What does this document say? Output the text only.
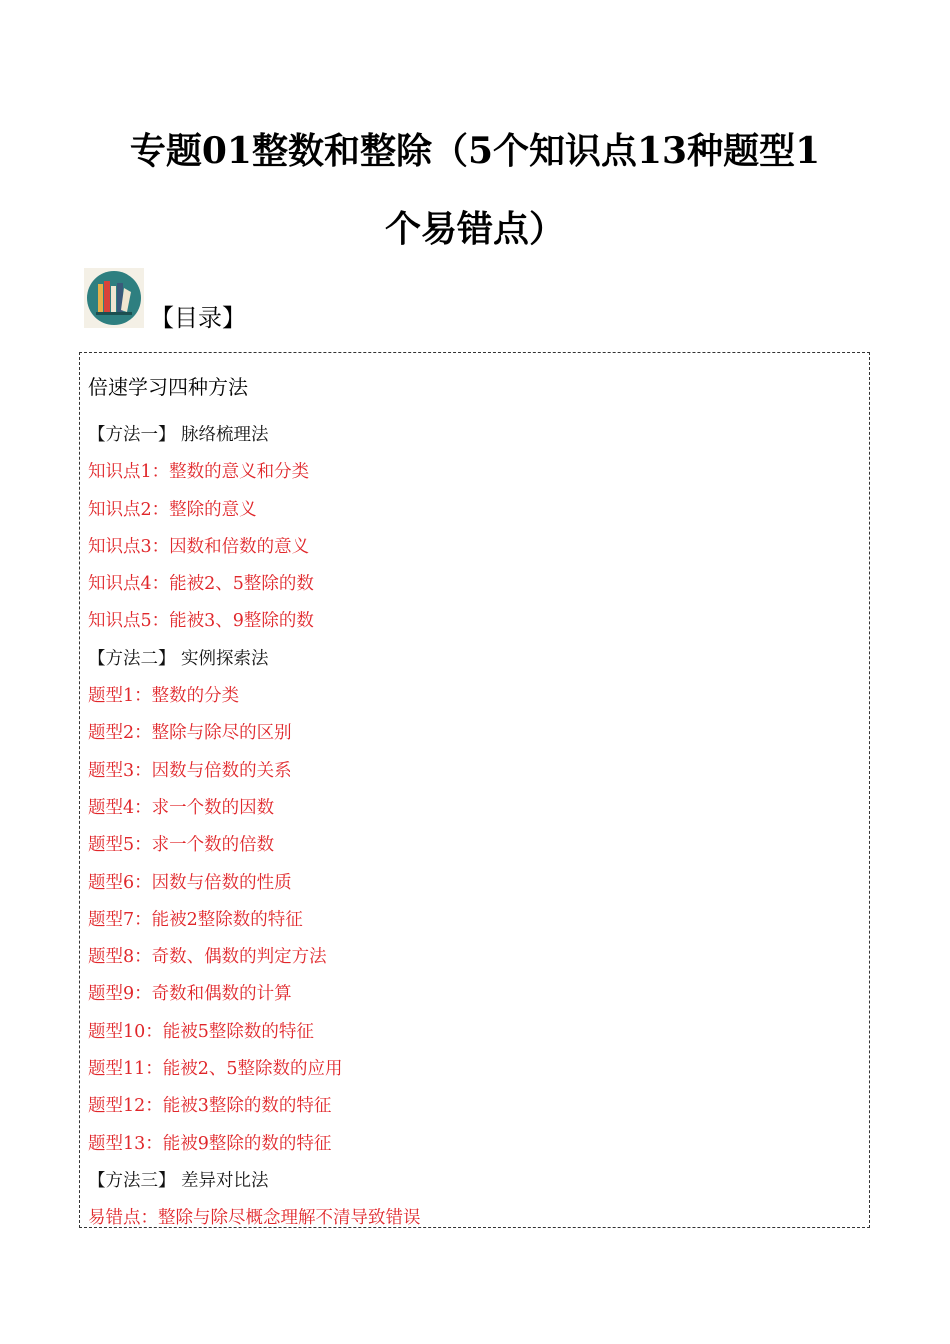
专题01整数和整除（5个知识点13种题型1
个易错点）
【目录】
倍速学习四种方法
【方法一】 脉络梳理法
知识点1：整数的意义和分类
知识点2：整除的意义
知识点3：因数和倍数的意义
知识点4：能被2、5整除的数
知识点5：能被3、9整除的数
【方法二】 实例探索法
题型1：整数的分类
题型2：整除与除尽的区别
题型3：因数与倍数的关系
题型4：求一个数的因数
题型5：求一个数的倍数
题型6：因数与倍数的性质
题型7：能被2整除数的特征
题型8：奇数、偶数的判定方法
题型9：奇数和偶数的计算
题型10：能被5整除数的特征
题型11：能被2、5整除数的应用
题型12：能被3整除的数的特征
题型13：能被9整除的数的特征
【方法三】 差异对比法
易错点：整除与除尽概念理解不清导致错误
